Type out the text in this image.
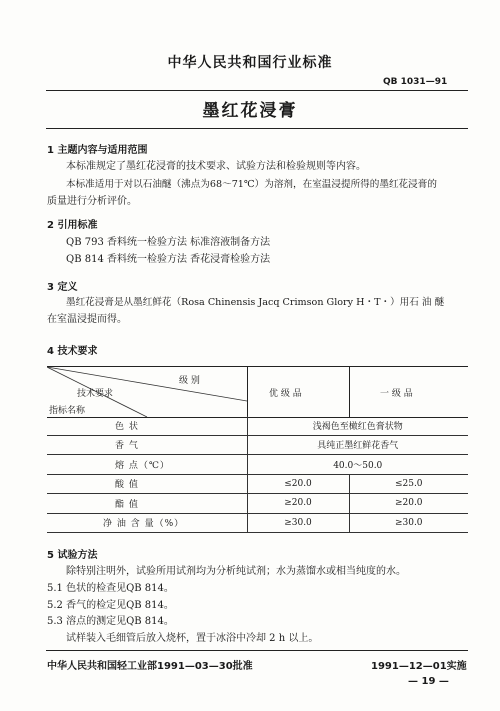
中华人民共和国行业标准
QB 1031—91
墨红花浸膏
1 主题内容与适用范围
本标准规定了墨红花浸膏的技术要求、试验方法和检验规则等内容。
本标准适用于对以石油醚（沸点为68～71℃）为溶剂，在室温浸提所得的墨红花浸膏的
质量进行分析评价。
2 引用标准
QB 793 香料统一检验方法 标准溶液制备方法
QB 814 香料统一检验方法 香花浸膏检验方法
3 定义
墨红花浸膏是从墨红鲜花（Rosa Chinensis Jacq Crimson Glory H・T・）用石 油 醚
在室温浸提而得。
4 技术要求
级 别
技术要求
指标名称
优 级 品	一 级 品
色 状	浅褐色至橄红色膏状物	
香 气	具纯正墨红鲜花香气	
熔 点（℃）	40.0～50.0	
酸 值	≤20.0	≤25.0
酯 值	≥20.0	≥20.0
净 油 含 量（%）	≥30.0	≥30.0
5 试验方法
除特别注明外，试验所用试剂均为分析纯试剂；水为蒸馏水或相当纯度的水。
5.1 色状的检查见QB 814。
5.2 香气的检定见QB 814。
5.3 溶点的测定见QB 814。
试样装入毛细管后放入烧杯，置于冰浴中冷却 2 h 以上。
中华人民共和国轻工业部1991—03—30批准	1991—12—01实施
— 19 —
